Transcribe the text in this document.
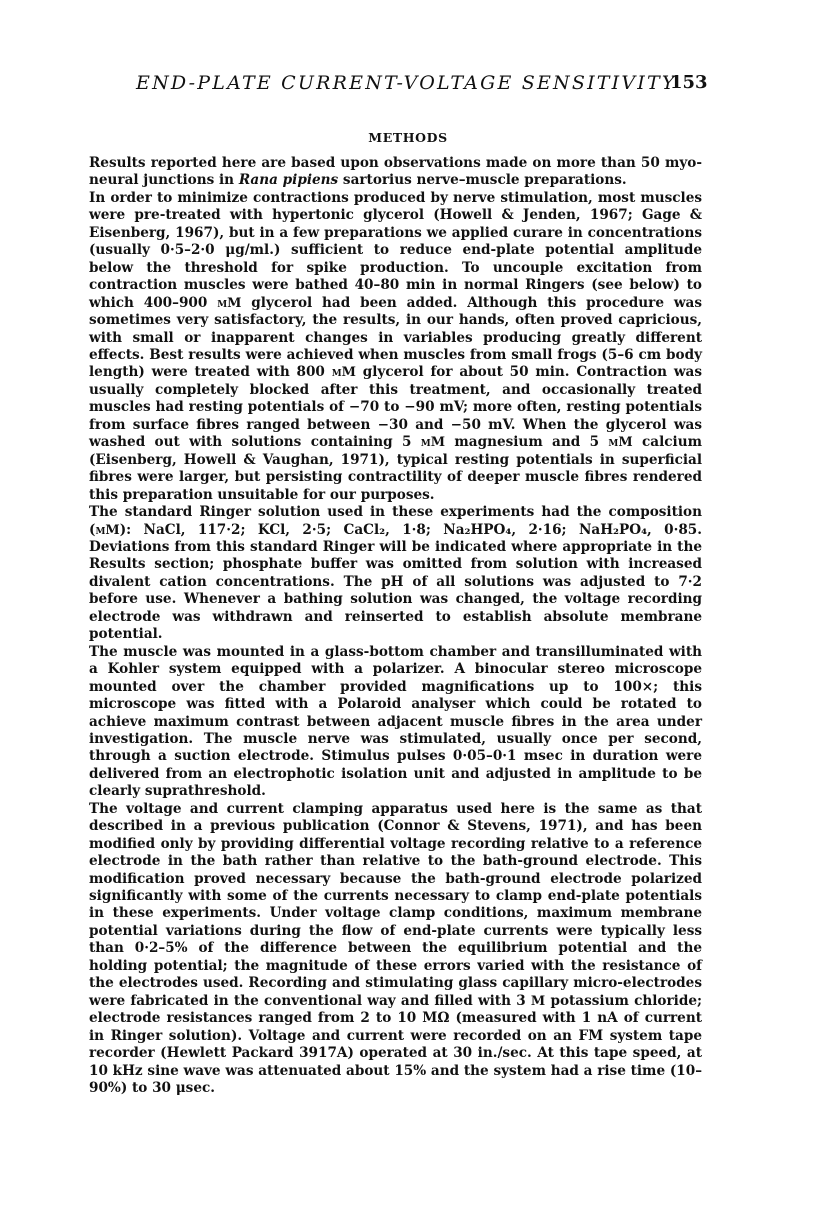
END-PLATE CURRENT-VOLTAGE SENSITIVITY
153
METHODS

Results reported here are based upon observations made on more than 50 myo-neural junctions in Rana pipiens sartorius nerve–muscle preparations.

In order to minimize contractions produced by nerve stimulation, most muscles were pre-treated with hypertonic glycerol (Howell & Jenden, 1967; Gage & Eisenberg, 1967), but in a few preparations we applied curare in concentrations (usually 0·5–2·0 μg/ml.) sufficient to reduce end-plate potential amplitude below the threshold for spike production. To uncouple excitation from contraction muscles were bathed 40–80 min in normal Ringers (see below) to which 400–900 mM glycerol had been added. Although this procedure was sometimes very satisfactory, the results, in our hands, often proved capricious, with small or inapparent changes in variables producing greatly different effects. Best results were achieved when muscles from small frogs (5–6 cm body length) were treated with 800 mM glycerol for about 50 min. Contraction was usually completely blocked after this treatment, and occasionally treated muscles had resting potentials of −70 to −90 mV; more often, resting potentials from surface fibres ranged between −30 and −50 mV. When the glycerol was washed out with solutions containing 5 mM magnesium and 5 mM calcium (Eisenberg, Howell & Vaughan, 1971), typical resting potentials in superficial fibres were larger, but persisting contractility of deeper muscle fibres rendered this preparation unsuitable for our purposes.

The standard Ringer solution used in these experiments had the composition (mM): NaCl, 117·2; KCl, 2·5; CaCl₂, 1·8; Na₂HPO₄, 2·16; NaH₂PO₄, 0·85. Deviations from this standard Ringer will be indicated where appropriate in the Results section; phosphate buffer was omitted from solution with increased divalent cation concentrations. The pH of all solutions was adjusted to 7·2 before use. Whenever a bathing solution was changed, the voltage recording electrode was withdrawn and reinserted to establish absolute membrane potential.

The muscle was mounted in a glass-bottom chamber and transilluminated with a Kohler system equipped with a polarizer. A binocular stereo microscope mounted over the chamber provided magnifications up to 100×; this microscope was fitted with a Polaroid analyser which could be rotated to achieve maximum contrast between adjacent muscle fibres in the area under investigation. The muscle nerve was stimulated, usually once per second, through a suction electrode. Stimulus pulses 0·05–0·1 msec in duration were delivered from an electrophotic isolation unit and adjusted in amplitude to be clearly suprathreshold.

The voltage and current clamping apparatus used here is the same as that described in a previous publication (Connor & Stevens, 1971), and has been modified only by providing differential voltage recording relative to a reference electrode in the bath rather than relative to the bath-ground electrode. This modification proved necessary because the bath-ground electrode polarized significantly with some of the currents necessary to clamp end-plate potentials in these experiments. Under voltage clamp conditions, maximum membrane potential variations during the flow of end-plate currents were typically less than 0·2–5% of the difference between the equilibrium potential and the holding potential; the magnitude of these errors varied with the resistance of the electrodes used. Recording and stimulating glass capillary micro-electrodes were fabricated in the conventional way and filled with 3 M potassium chloride; electrode resistances ranged from 2 to 10 MΩ (measured with 1 nA of current in Ringer solution). Voltage and current were recorded on an FM system tape recorder (Hewlett Packard 3917A) operated at 30 in./sec. At this tape speed, at 10 kHz sine wave was attenuated about 15% and the system had a rise time (10–90%) to 30 μsec.
